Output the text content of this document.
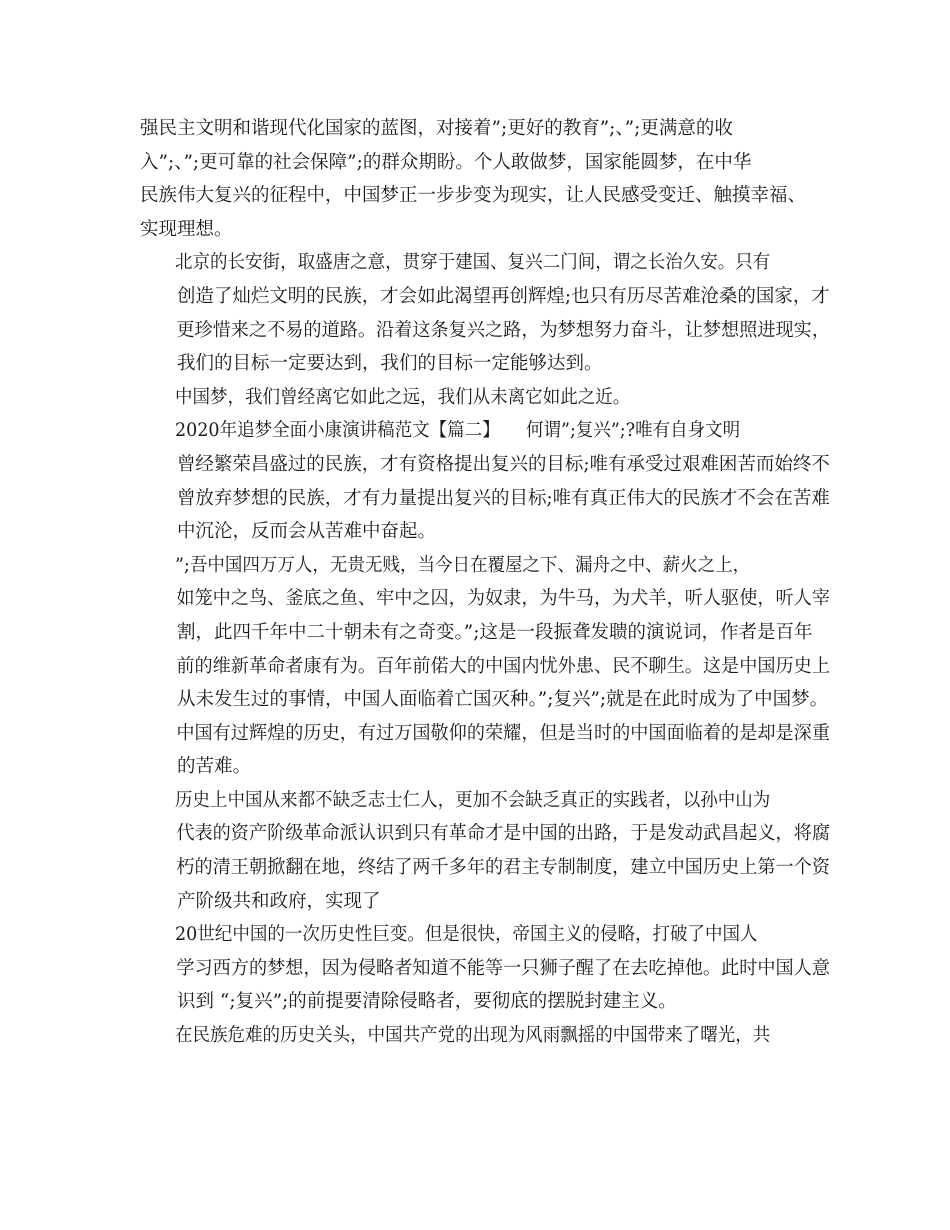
强民主文明和谐现代化国家的蓝图，对接着”;更好的教育”;、”;更满意的收
入”;、”;更可靠的社会保障”;的群众期盼。个人敢做梦，国家能圆梦，在中华
民族伟大复兴的征程中，中国梦正一步步变为现实，让人民感受变迁、触摸幸福、
实现理想。
北京的长安街，取盛唐之意，贯穿于建国、复兴二门间，谓之长治久安。只有
创造了灿烂文明的民族，才会如此渴望再创辉煌;也只有历尽苦难沧桑的国家，才
更珍惜来之不易的道路。沿着这条复兴之路，为梦想努力奋斗，让梦想照进现实，
我们的目标一定要达到，我们的目标一定能够达到。
中国梦，我们曾经离它如此之远，我们从未离它如此之近。
2020年追梦全面小康演讲稿范文【篇二】　　何谓”;复兴”;?唯有自身文明
曾经繁荣昌盛过的民族，才有资格提出复兴的目标;唯有承受过艰难困苦而始终不
曾放弃梦想的民族，才有力量提出复兴的目标;唯有真正伟大的民族才不会在苦难
中沉沦，反而会从苦难中奋起。
”;吾中国四万万人，无贵无贱，当今日在覆屋之下、漏舟之中、薪火之上，
如笼中之鸟、釜底之鱼、牢中之囚，为奴隶，为牛马，为犬羊，听人驱使，听人宰
割，此四千年中二十朝未有之奇变。”;这是一段振聋发聩的演说词，作者是百年
前的维新革命者康有为。百年前偌大的中国内忧外患、民不聊生。这是中国历史上
从未发生过的事情，中国人面临着亡国灭种。”;复兴”;就是在此时成为了中国梦。
中国有过辉煌的历史，有过万国敬仰的荣耀，但是当时的中国面临着的是却是深重
的苦难。
历史上中国从来都不缺乏志士仁人，更加不会缺乏真正的实践者，以孙中山为
代表的资产阶级革命派认识到只有革命才是中国的出路，于是发动武昌起义，将腐
朽的清王朝掀翻在地，终结了两千多年的君主专制制度，建立中国历史上第一个资
产阶级共和政府，实现了
20世纪中国的一次历史性巨变。但是很快，帝国主义的侵略，打破了中国人
学习西方的梦想，因为侵略者知道不能等一只狮子醒了在去吃掉他。此时中国人意
识到 “;复兴”;的前提要清除侵略者，要彻底的摆脱封建主义。
在民族危难的历史关头，中国共产党的出现为风雨飘摇的中国带来了曙光，共
